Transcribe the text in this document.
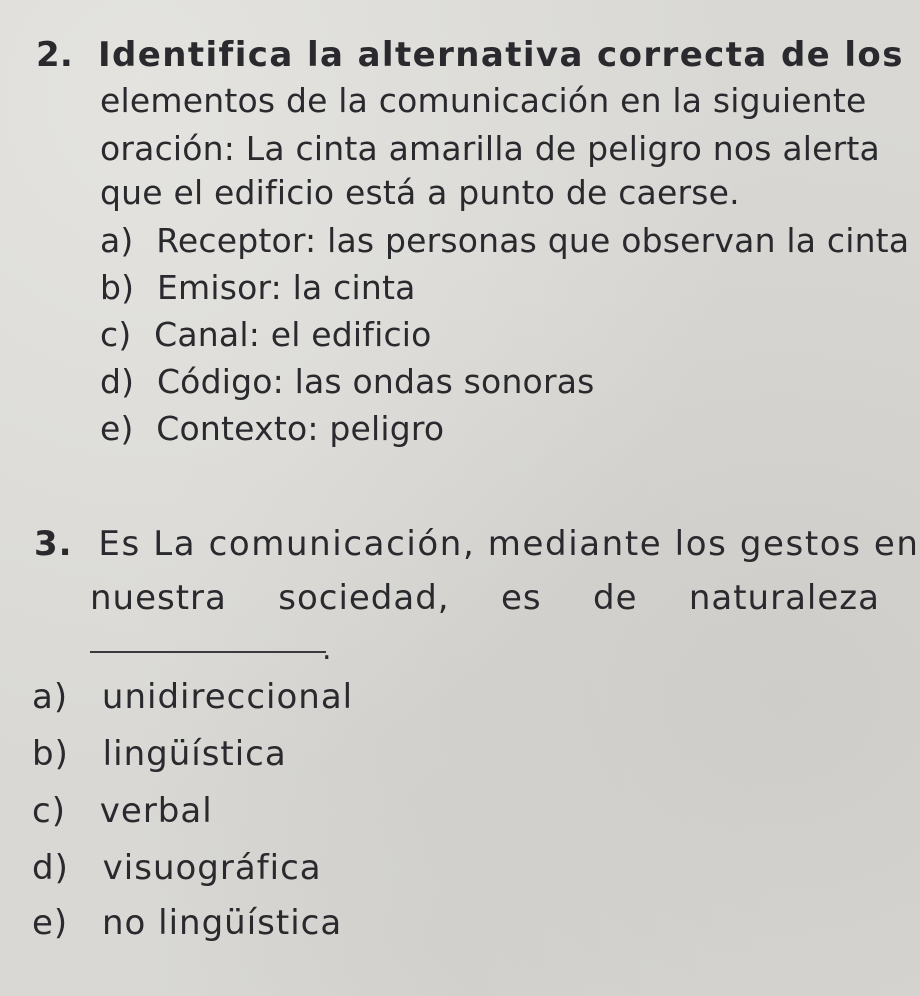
2. Identifica la alternativa correcta de los
elementos de la comunicación en la siguiente
oración: La cinta amarilla de peligro nos alerta
que el edificio está a punto de caerse.
a) Receptor: las personas que observan la cinta
b) Emisor: la cinta
c) Canal: el edificio
d) Código: las ondas sonoras
e) Contexto: peligro
3. Es La comunicación, mediante los gestos en
nuestra sociedad, es de naturaleza
.
a) unidireccional
b) lingüística
c) verbal
d) visuográfica
e) no lingüística
